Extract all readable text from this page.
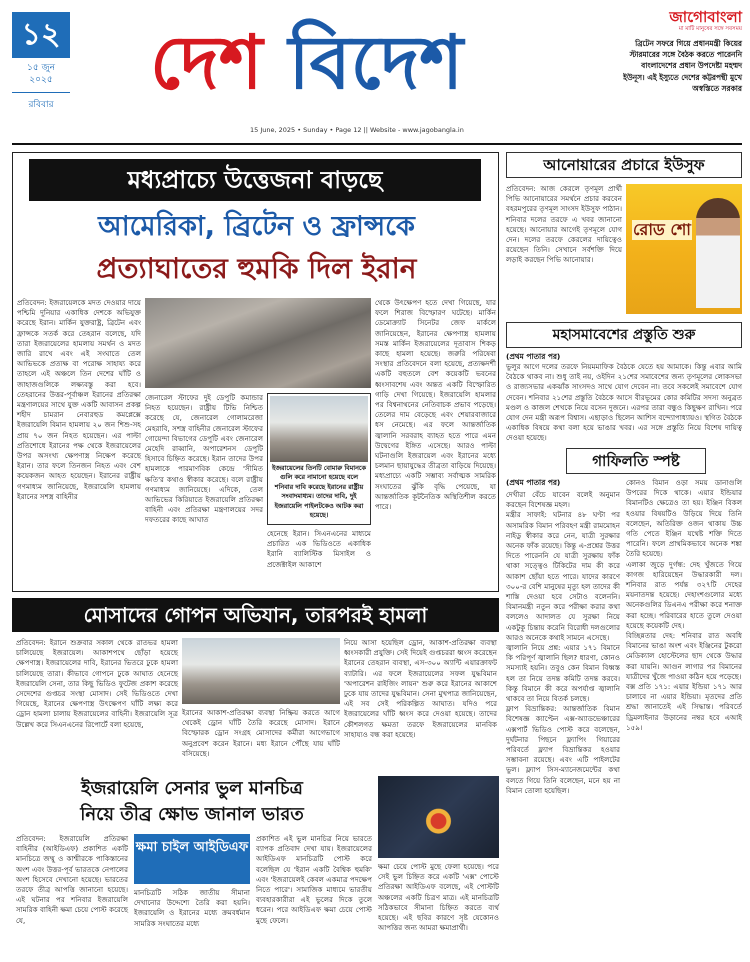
১২
১৫ জুন
২০২৫
রবিবার দেশ বিদেশ
15 June, 2025 • Sunday • Page 12 || Website - www.jagobangla.in
জাগোবাংলা
মা মাটি মানুষের সঙ্গে সবসময়
ব্রিটেন সফরে গিয়ে প্রধানমন্ত্রী কিয়ের স্টারমারের সঙ্গে বৈঠক করতে পারেননি বাংলাদেশের প্রধান উপদেষ্টা মহম্মদ ইউনূস। এই ইস্যুতে দেশের কট্টরপন্থী মুখে অস্বস্তিতে সরকার
মধ্যপ্রাচ্যে উত্তেজনা বাড়ছে
আমেরিকা, ব্রিটেন ও ফ্রান্সকে
প্রত্যাঘাতের হুমকি দিল ইরান
প্রতিবেদন: ইজরায়েলকে মদত দেওয়ার দায়ে পশ্চিমি দুনিয়ার একাধিক দেশকে অভিযুক্ত করেছে ইরান। মার্কিন যুক্তরাষ্ট্র, ব্রিটেন এবং ফ্রান্সকে সতর্ক করে তেহরান বলেছে, যদি তারা ইজরায়েলের হামলায় সমর্থন ও মদত জারি রাখে এবং এই সংঘাতে তেল আভিভকে প্রত্যক্ষ বা পরোক্ষ সাহায্য করে তাহলে এই অঞ্চলে তিন দেশের ঘাঁটি ও জাহাজগুলিকে লক্ষ্যবস্তু করা হবে। তেহরানের উত্তর-পূর্বাঞ্চল ইরানের প্রতিরক্ষা মন্ত্রণালয়ের সাথে যুক্ত একটি আবাসন প্রকল্প শহীদ চামরান নেবারহুড কমপ্লেক্সে ইজরায়েলি বিমান হামলায় ২০ জন শিশু-সহ প্রায় ৭০ জন নিহত হয়েছেন। এর পাল্টা প্রতিশোধে ইরানের পক্ষ থেকে ইজরায়েলের উপর অসংখ্য ক্ষেপণাস্ত্র নিক্ষেপ করেছে ইরান। তার ফলে তিনজন নিহত এবং বেশ কয়েকজন আহত হয়েছেন। ইরানের রাষ্ট্রীয় গণমাধ্যম জানিয়েছে, ইজরায়েলি হামলায় ইরানের সশস্ত্র বাহিনীর
জেনারেল স্টাফের দুই ডেপুটি কমান্ডার নিহত হয়েছেন। রাষ্ট্রীয় টিভি নিশ্চিত করেছে যে, জেনারেল গোলামরেজা মেহরাবি, সশস্ত্র বাহিনীর জেনারেল স্টাফের গোয়েন্দা বিভাগের ডেপুটি এবং জেনারেল মেহেদি রাব্বানি, অপারেশনস ডেপুটি হিসাবে চিহ্নিত করেছে। ইরান তাদের উপর হামলাকে পারমাণবিক কেন্দ্রে 'সীমিত ক্ষতি'র কথাও স্বীকার করেছে। বলে রাষ্ট্রীয় গণমাধ্যম জানিয়েছে। এদিকে, তেল আভিভের কিরিয়াতে ইজরায়েলি প্রতিরক্ষা বাহিনী এবং প্রতিরক্ষা মন্ত্রণালয়ের সদর দফতরের কাছে আঘাত
ইজরায়েলের তিনটি বোমারু বিমানকে গুলি করে নামানো হয়েছে বলে শনিবার দাবি করেছে ইরানের রাষ্ট্রীয় সংবাদমাধ্যম। তাদের দাবি, দুই ইজরায়েলি পাইলটকেও আটক করা হয়েছে।
হেনেছে ইরান। সিএনএনের মাধ্যমে প্রচারিত এক ভিডিওতে একাধিক ইরানি ব্যালিস্টিক মিসাইল ও প্রজেক্টাইল আকাশে
থেকে উৎক্ষেপণ হতে দেখা গিয়েছে, যার ফলে শিরাজ বিস্ফোরণ ঘটেছে। মার্কিন ডেমোক্র্যাট সিনেটর জেফ মার্কলে জানিয়েছেন, ইরানের ক্ষেপণাস্ত্র হামলায় সমস্ত মার্কিন ইজরায়েলের দূতাবাস শিকড় কাছে হামলা হয়েছে। জরুরি পরিষেবা সংস্থার প্রতিবেদনে বলা হয়েছে, প্রত্যক্ষদর্শী একটি বহুতলে বেশ কয়েকটি ভবনের ধ্বংসাবশেষ এবং অন্তত একটি বিস্ফোরিত গাড়ি দেখা গিয়েছে। ইজরায়েলি হামলার পর বিশ্বনাথনের নেতিবাচক প্রভাব পড়েছে। তেলের দাম বেড়েছে এবং শেয়ারবাজারে ধস নেমেছে। এর ফলে আন্তর্জাতিক জ্বালানি সরবরাহ ব্যাহত হতে পারে এমন উদ্বেগের ইঙ্গিত এসেছে। আরও পাল্টা ঘটনাগুলি ইজরায়েল এবং ইরানের মধ্যে চলমান ছায়াযুদ্ধের তীব্রতা বাড়িয়ে দিয়েছে। মধ্যপ্রাচ্যে একটি সম্ভাব্য সর্বাত্মক সামরিক সংঘাতের ঝুঁকি বৃদ্ধি পেয়েছে, যা আন্তর্জাতিক কূটনৈতিক অস্থিতিশীল করতে পারে।
আনোয়ারের প্রচারে ইউসুফ
প্রতিবেদন: আজ কেরলে তৃণমূল প্রার্থী পিভি আনোয়ারের সমর্থনে প্রচার করবেন বহরমপুরের তৃণমূল সাংসদ ইউসুফ পাঠান। শনিবার দলের তরফে এ খবর জানানো হয়েছে। আনোয়ার আগেই তৃণমূলে যোগ দেন। দলের তরফে কেরলের দায়িত্বেও রয়েছেন তিনি। সেখানে সর্বশক্তি দিয়ে লড়াই করছেন পিভি আনোয়ার।
রোড শো
মহাসমাবেশের প্রস্তুতি শুরু
(প্রথম পাতার পর)
ভুলুর আগে দলের তরফে নিয়মমাফিক বৈঠকে যেতে হয় আমাকে। কিন্তু এবার আমি বৈঠকে থাকব না। শুধু তাই নয়, ওইদিন ২১শের সমাবেশের জন্য তৃণমূলের লোকসভা ও রাজ্যসভার একঝাঁক সাংসদও সাথে যোগ দেবেন না। তবে সকলেই সমাবেশে যোগ দেবেন। শনিবার ২১শের প্রস্তুতি বৈঠকে আসে বীরভূমের কোর কমিটির সদস্য অনুব্রত মণ্ডল ও কাজল শেখকে নিয়ে বসেন দুজনে। এরপর তারা বন্ধুও কিছুক্ষণ রাখিন। পরে যোগ দেন মন্ত্রী অরূপ বিশ্বাস। এছাড়াও ছিলেন আশিস বন্দ্যোপাধ্যায়ও। স্থগিত বৈঠকে একাধিক বিষয়ে কথা বলা হয়ে ভাঙার খবর। এর সঙ্গে প্রস্তুতি নিয়ে বিশেষ দায়িত্ব দেওয়া হয়েছে।
গাফিলতি স্পষ্ট
(প্রথম পাতার পর)
দেখীরা বেঁচে যাবেন বলেই অনুমান করছেন বিশেষজ্ঞ মহল।
মন্ত্রীর সাফাই: ঘটনার ৪৮ ঘণ্টা পর অসামরিক বিমান পরিবহণ মন্ত্রী রামমোহন নাইডু স্বীকার করে নেন, যাত্রী সুরক্ষার অনেক ফাঁক রয়েছে। কিন্তু এ-প্রশ্নের উত্তর দিতে পারেননি যে যাত্রী সুরক্ষায় ফাঁক থাকা সত্ত্বেও টিকিটের দাম কী করে আকাশ ছোঁয়া হতে পারে। যাদের কারণে ৩০০-র বেশি মানুষের মৃত্যু হল তাদের কী শাস্তি দেওয়া হবে সেটাও বলেননি। বিমানমন্ত্রী নতুন করে পরীক্ষা করার কথা বললেও আদালত যে সুরক্ষা নিয়ে একটুকু চিন্তায় করেনি বিরোধী দলগুলোর আরও অনেকে কথাই সামনে এসেছে।
জ্বালানি নিয়ে প্রশ্ন: এয়ার ১৭১ বিমানে কি পরিপূর্ণ জ্বালানি ছিল? ধারণা, কোনও সমস্যাই হয়নি। তবুও কেন বিমান বিধ্বস্ত হল তা নিয়ে তদন্ত কমিটি তদন্ত করবে। কিন্তু বিমানে কী করে অপর্যাপ্ত জ্বালানি থাকবে তা নিয়ে বিতর্ক চলছে।
ফ্লাপ বিভ্রান্তিকর: আন্তর্জাতিক বিমান বিশেষজ্ঞ ক্যাপ্টেন এক্স-অ্যাডভেঞ্চারের এক্সপার্ট ভিডিও পোস্ট করে বলেছেন, দুর্ঘটনার পিছনে ফ্ল্যাপিং গিয়ারের পরিবর্তে ফ্ল্যাপ বিভ্রান্তিকর হওয়ার সম্ভাবনা রয়েছে। এবং এটি পাইলটের ভুল। ফ্ল্যাপ সিস-ম্যানেজমেন্টের কথা বলতে গিয়ে তিনি বলেছেন, মনে হয় না বিমান তোলা হয়েছিল।
কোনও বিমান ওড়া সময় ডানাগুলি উপরের দিকে থাকে। এয়ার ইন্ডিয়ার বিমানটিও ক্ষেত্রেও তা হয়। ইঞ্জিন বিকল হওয়ার বিষয়টিও উড়িয়ে দিয়ে তিনি বলেছেন, অতিরিক্ত ওজন থাকায় উচ্চ গতি পেতে ইঞ্জিন যথেষ্ট শক্তি দিতে পারেনি। ফলে প্রাথমিকভাবে অনেক শঙ্কা তৈরি হয়েছে।
এলাকা জুড়ে দুর্গন্ধ: দেহ খুঁজতে গিয়ে কাগজ হারিয়েছেন উদ্ধারকারী দল। শনিবার রাত পর্যন্ত ৩২৭টি দেহের ময়নাতদন্ত হয়েছে। দেহাংশগুলোর মধ্যে অনেকগুলির ডিএনএ পরীক্ষা করে শনাক্ত করা হচ্ছে। পরিবারের হাতে তুলে দেওয়া হয়েছে কয়েকটি দেহ।
বিচ্ছিন্নতার দেহ: শনিবার রাত অবধি বিমানের ভাঙা অংশ এবং ইঞ্জিনের টুকরো মেডিক্যাল হোস্টেলের ছাদ থেকে উদ্ধার করা যায়নি। আগুন লাগার পর বিমানের যাত্রীদের খুঁজে পাওয়া কঠিন হয়ে পড়েছে।
বক্স প্রতি ১৭১: এয়ার ইন্ডিয়া ১৭১ আর চালাবে না এয়ার ইন্ডিয়া। মৃতদের প্রতি শ্রদ্ধা জানাতেই এই সিদ্ধান্ত। পরিবর্তে ড্রিমলাইনার উড়ানের নম্বর হবে এআই ১৫৯।
মোসাদের গোপন অভিযান, তারপরই হামলা
প্রতিবেদন: ইরানে শুক্রবার সকাল থেকে রাতভর হামলা চালিয়েছে ইজরায়েল। আকাশপথে ছোঁড়া হয়েছে ক্ষেপণাস্ত্র। ইজরায়েলের দাবি, ইরানের ভিতরে ঢুকে হামলা চালিয়েছে তারা। কীভাবে গোপনে ঢুকে আঘাত হেনেছে ইজরায়েলি সেনা, তার কিছু ভিডিও ফুটেজ প্রকাশ করেছে সেদেশের গুপ্তচর সংস্থা মোসাদ। সেই ভিডিওতে দেখা গিয়েছে, ইরানের ক্ষেপণাস্ত্র উৎক্ষেপণ ঘাঁটি লক্ষ্য করে ড্রোন হামলা চালায় ইজরায়েলের বাহিনী। ইজরায়েলি সূত্র উল্লেখ করে সিএনএনের রিপোর্টে বলা হয়েছে,
ইরানের আকাশ-প্রতিরক্ষা ব্যবস্থা নিষ্ক্রিয় করতে আগে থেকেই ড্রোন ঘাঁটি তৈরি করেছে মোসাদ। ইরানে বিস্ফোরক ড্রোন সংগ্রহ মোসাদের কর্মীরা আগেভাগে অনুপ্রবেশ করেন ইরানে। মধ্য ইরানে পৌঁছে যায় ঘাঁটি বসিয়েছে।
নিয়ে আসা হয়েছিল ড্রোন, আকাশ-প্রতিরক্ষা ব্যবস্থা ধ্বংসকারী প্রযুক্তি। সেই দিয়েই গুপ্তচররা ধ্বংস করেছেন ইরানের তেহরান ব্যবস্থা, এস-৩০০ অ্যান্টি এয়ারক্রাফট ব্যাটারি। এর ফলে ইজরায়েলের সফল যুদ্ধবিমান 'অপারেশন রাইজিং লায়ন' শুরু করে ইরানের আকাশে ঢুকে যায় তাদের যুদ্ধবিমান। সেনা মুখপাত্র জানিয়েছেন, এই সব সেই পরিকল্পিত আঘাত। যদিও পরে ইজরায়েলের ঘাঁটি ধ্বংস করে দেওয়া হয়েছে। তাদের কৌশলগত ক্ষমতা তরফে ইজরায়েলের মানবিক সাহায্যও বন্ধ করা হয়েছে।
ইজরায়েলি সেনার ভুল মানচিত্র
নিয়ে তীব্র ক্ষোভ জানাল ভারত
প্রতিবেদন: ইজরায়েলি প্রতিরক্ষা বাহিনীর (আইডিএফ) প্রকাশিত একটি মানচিত্রে জম্মু ও কাশ্মীরকে পাকিস্তানের অংশ এবং উত্তর-পূর্ব ভারতকে নেপালের অংশ হিসেবে দেখানো হয়েছে। ভারতের তরফে তীব্র আপত্তি জানানো হয়েছে। এই ঘটনার পর শনিবার ইজরায়েলি সামরিক বাহিনী ক্ষমা চেয়ে পোস্ট করেছে যে,
ক্ষমা চাইল আইডিএফ
মানচিত্রটি সঠিক জাতীয় সীমানা দেখানোর উদ্দেশ্যে তৈরি করা হয়নি। ইজরায়েলি ও ইরানের মধ্যে ক্রমবর্ধমান সামরিক সংঘাতের মধ্যে
প্রকাশিত এই ভুল মানচিত্র নিয়ে ভারতে ব্যাপক প্রতিবাদ দেখা যায়। ইজরায়েলের আইডিএফ মানচিত্রটি পোস্ট করে বলেছিল যে 'ইরান একটি বৈশ্বিক হুমকি' এবং 'ইজরায়েলই কেবল একমাত্র পদক্ষেপ নিতে পারে'। সামাজিক মাধ্যমে ভারতীয় ব্যবহারকারীরা এই ভুলের দিকে তুলে ধরেন। পরে আইডিএফ ক্ষমা চেয়ে পোস্ট মুছে ফেলে।
ক্ষমা চেয়ে পোস্ট মুছে ফেলা হয়েছে। পরে সেই ভুল চিহ্নিত করে একটি 'এক্স' পোস্টে প্রতিরক্ষা আইডিএফ বলেছে, এই পোস্টটি অঞ্চলের একটি চিত্রণ মাত্র। এই মানচিত্রটি সঠিকভাবে সীমানা চিহ্নিত করতে ব্যর্থ হয়েছে। এই ছবির কারণে সৃষ্ট যেকোনও আপত্তির জন্য আমরা ক্ষমাপ্রার্থী।
